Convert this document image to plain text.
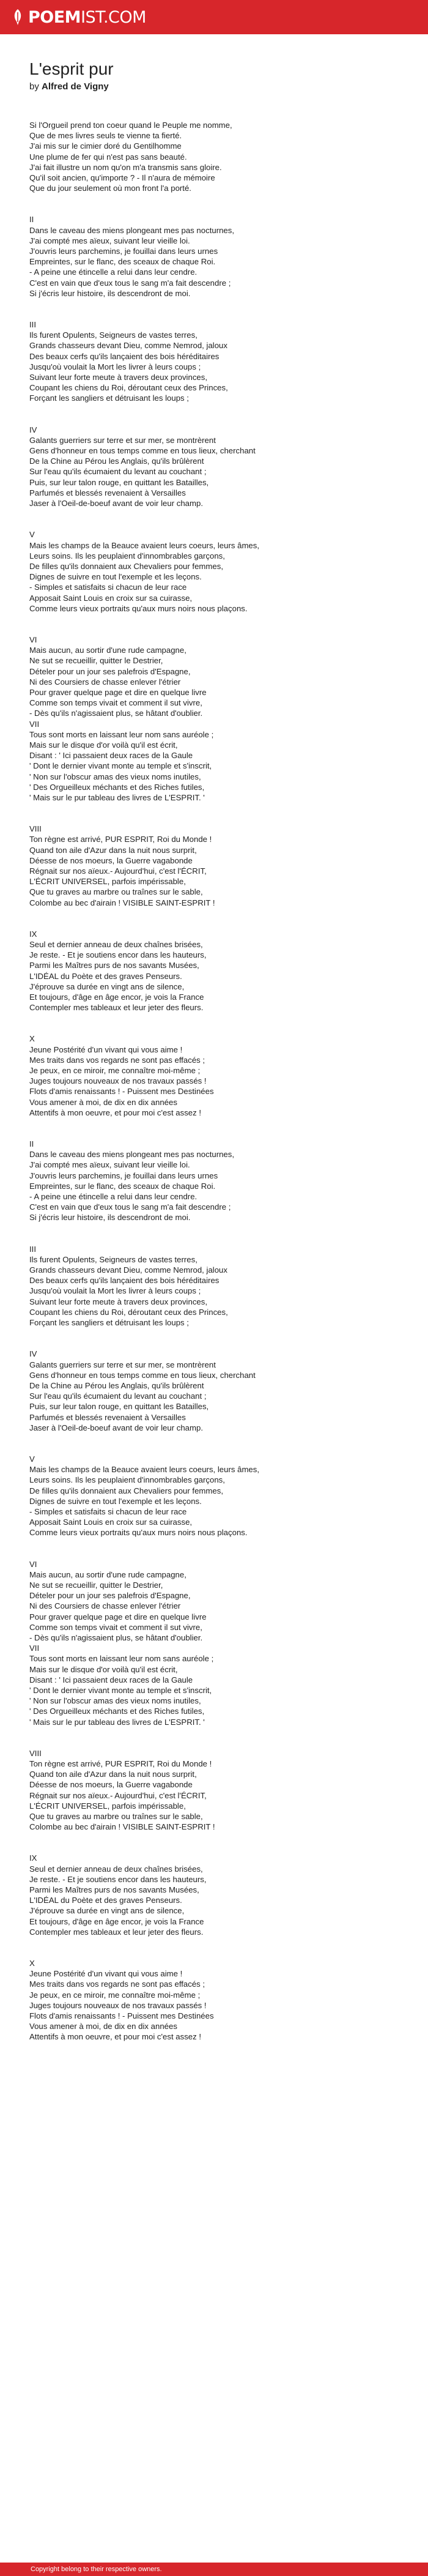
POEMIST.COM
L'esprit pur
by Alfred de Vigny
Si l'Orgueil prend ton coeur quand le Peuple me nomme,
Que de mes livres seuls te vienne ta fierté.
J'ai mis sur le cimier doré du Gentilhomme
Une plume de fer qui n'est pas sans beauté.
J'ai fait illustre un nom qu'on m'a transmis sans gloire.
Qu'il soit ancien, qu'importe ? - Il n'aura de mémoire
Que du jour seulement où mon front l'a porté.
II
Dans le caveau des miens plongeant mes pas nocturnes,
J'ai compté mes aïeux, suivant leur vieille loi.
J'ouvris leurs parchemins, je fouillai dans leurs urnes
Empreintes, sur le flanc, des sceaux de chaque Roi.
- A peine une étincelle a relui dans leur cendre.
C'est en vain que d'eux tous le sang m'a fait descendre ;
Si j'écris leur histoire, ils descendront de moi.
III
Ils furent Opulents, Seigneurs de vastes terres,
Grands chasseurs devant Dieu, comme Nemrod, jaloux
Des beaux cerfs qu'ils lançaient des bois héréditaires
Jusqu'où voulait la Mort les livrer à leurs coups ;
Suivant leur forte meute à travers deux provinces,
Coupant les chiens du Roi, déroutant ceux des Princes,
Forçant les sangliers et détruisant les loups ;
IV
Galants guerriers sur terre et sur mer, se montrèrent
Gens d'honneur en tous temps comme en tous lieux, cherchant
De la Chine au Pérou les Anglais, qu'ils brûlèrent
Sur l'eau qu'ils écumaient du levant au couchant ;
Puis, sur leur talon rouge, en quittant les Batailles,
Parfumés et blessés revenaient à Versailles
Jaser à l'Oeil-de-boeuf avant de voir leur champ.
V
Mais les champs de la Beauce avaient leurs coeurs, leurs âmes,
Leurs soins. Ils les peuplaient d'innombrables garçons,
De filles qu'ils donnaient aux Chevaliers pour femmes,
Dignes de suivre en tout l'exemple et les leçons.
- Simples et satisfaits si chacun de leur race
Apposait Saint Louis en croix sur sa cuirasse,
Comme leurs vieux portraits qu'aux murs noirs nous plaçons.
VI
Mais aucun, au sortir d'une rude campagne,
Ne sut se recueillir, quitter le Destrier,
Dételer pour un jour ses palefrois d'Espagne,
Ni des Coursiers de chasse enlever l'étrier
Pour graver quelque page et dire en quelque livre
Comme son temps vivait et comment il sut vivre,
- Dès qu'ils n'agissaient plus, se hâtant d'oublier.
VII
Tous sont morts en laissant leur nom sans auréole ;
Mais sur le disque d'or voilà qu'il est écrit,
Disant : ' Ici passaient deux races de la Gaule
' Dont le dernier vivant monte au temple et s'inscrit,
' Non sur l'obscur amas des vieux noms inutiles,
' Des Orgueilleux méchants et des Riches futiles,
' Mais sur le pur tableau des livres de L'ESPRIT. '
VIII
Ton règne est arrivé, PUR ESPRIT, Roi du Monde !
Quand ton aile d'Azur dans la nuit nous surprit,
Déesse de nos moeurs, la Guerre vagabonde
Régnait sur nos aïeux.- Aujourd'hui, c'est l'ÉCRIT,
L'ÉCRIT UNIVERSEL, parfois impérissable,
Que tu graves au marbre ou traînes sur le sable,
Colombe au bec d'airain ! VISIBLE SAINT-ESPRIT !
IX
Seul et dernier anneau de deux chaînes brisées,
Je reste. - Et je soutiens encor dans les hauteurs,
Parmi les Maîtres purs de nos savants Musées,
L'IDÉAL du Poète et des graves Penseurs.
J'éprouve sa durée en vingt ans de silence,
Et toujours, d'âge en âge encor, je vois la France
Contempler mes tableaux et leur jeter des fleurs.
X
Jeune Postérité d'un vivant qui vous aime !
Mes traits dans vos regards ne sont pas effacés ;
Je peux, en ce miroir, me connaître moi-même ;
Juges toujours nouveaux de nos travaux passés !
Flots d'amis renaissants ! - Puissent mes Destinées
Vous amener à moi, de dix en dix années
Attentifs à mon oeuvre, et pour moi c'est assez !
II
Dans le caveau des miens plongeant mes pas nocturnes,
J'ai compté mes aïeux, suivant leur vieille loi.
J'ouvris leurs parchemins, je fouillai dans leurs urnes
Empreintes, sur le flanc, des sceaux de chaque Roi.
- A peine une étincelle a relui dans leur cendre.
C'est en vain que d'eux tous le sang m'a fait descendre ;
Si j'écris leur histoire, ils descendront de moi.
III
Ils furent Opulents, Seigneurs de vastes terres,
Grands chasseurs devant Dieu, comme Nemrod, jaloux
Des beaux cerfs qu'ils lançaient des bois héréditaires
Jusqu'où voulait la Mort les livrer à leurs coups ;
Suivant leur forte meute à travers deux provinces,
Coupant les chiens du Roi, déroutant ceux des Princes,
Forçant les sangliers et détruisant les loups ;
IV
Galants guerriers sur terre et sur mer, se montrèrent
Gens d'honneur en tous temps comme en tous lieux, cherchant
De la Chine au Pérou les Anglais, qu'ils brûlèrent
Sur l'eau qu'ils écumaient du levant au couchant ;
Puis, sur leur talon rouge, en quittant les Batailles,
Parfumés et blessés revenaient à Versailles
Jaser à l'Oeil-de-boeuf avant de voir leur champ.
V
Mais les champs de la Beauce avaient leurs coeurs, leurs âmes,
Leurs soins. Ils les peuplaient d'innombrables garçons,
De filles qu'ils donnaient aux Chevaliers pour femmes,
Dignes de suivre en tout l'exemple et les leçons.
- Simples et satisfaits si chacun de leur race
Apposait Saint Louis en croix sur sa cuirasse,
Comme leurs vieux portraits qu'aux murs noirs nous plaçons.
VI
Mais aucun, au sortir d'une rude campagne,
Ne sut se recueillir, quitter le Destrier,
Dételer pour un jour ses palefrois d'Espagne,
Ni des Coursiers de chasse enlever l'étrier
Pour graver quelque page et dire en quelque livre
Comme son temps vivait et comment il sut vivre,
- Dès qu'ils n'agissaient plus, se hâtant d'oublier.
VII
Tous sont morts en laissant leur nom sans auréole ;
Mais sur le disque d'or voilà qu'il est écrit,
Disant : ' Ici passaient deux races de la Gaule
' Dont le dernier vivant monte au temple et s'inscrit,
' Non sur l'obscur amas des vieux noms inutiles,
' Des Orgueilleux méchants et des Riches futiles,
' Mais sur le pur tableau des livres de L'ESPRIT. '
VIII
Ton règne est arrivé, PUR ESPRIT, Roi du Monde !
Quand ton aile d'Azur dans la nuit nous surprit,
Déesse de nos moeurs, la Guerre vagabonde
Régnait sur nos aïeux.- Aujourd'hui, c'est l'ÉCRIT,
L'ÉCRIT UNIVERSEL, parfois impérissable,
Que tu graves au marbre ou traînes sur le sable,
Colombe au bec d'airain ! VISIBLE SAINT-ESPRIT !
IX
Seul et dernier anneau de deux chaînes brisées,
Je reste. - Et je soutiens encor dans les hauteurs,
Parmi les Maîtres purs de nos savants Musées,
L'IDÉAL du Poète et des graves Penseurs.
J'éprouve sa durée en vingt ans de silence,
Et toujours, d'âge en âge encor, je vois la France
Contempler mes tableaux et leur jeter des fleurs.
X
Jeune Postérité d'un vivant qui vous aime !
Mes traits dans vos regards ne sont pas effacés ;
Je peux, en ce miroir, me connaître moi-même ;
Juges toujours nouveaux de nos travaux passés !
Flots d'amis renaissants ! - Puissent mes Destinées
Vous amener à moi, de dix en dix années
Attentifs à mon oeuvre, et pour moi c'est assez !
Copyright belong to their respective owners.
